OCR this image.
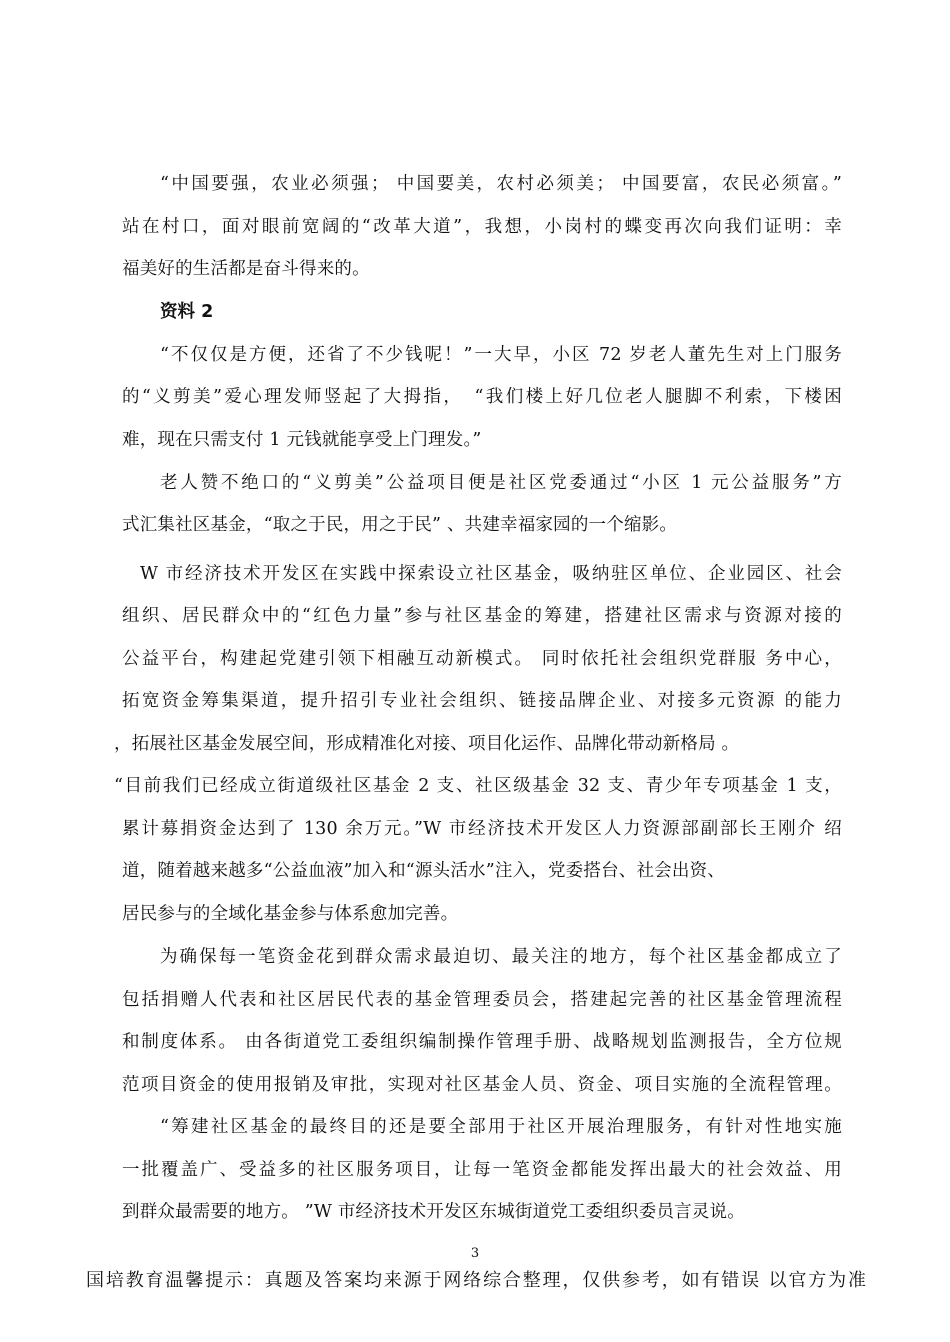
“中国要强，农业必须强； 中国要美，农村必须美； 中国要富，农民必须富。”
站在村口，面对眼前宽阔的“改革大道”，我想，小岗村的蝶变再次向我们证明：幸
福美好的生活都是奋斗得来的。
资料 2
“不仅仅是方便，还省了不少钱呢！”一大早，小区 72 岁老人董先生对上门服务
的“义剪美”爱心理发师竖起了大拇指，　“我们楼上好几位老人腿脚不利索，下楼困
难，现在只需支付 1 元钱就能享受上门理发。”
老人赞不绝口的“义剪美”公益项目便是社区党委通过“小区 1 元公益服务”方
式汇集社区基金，“取之于民，用之于民” 、共建幸福家园的一个缩影。
W 市经济技术开发区在实践中探索设立社区基金，吸纳驻区单位、企业园区、社会
组织、居民群众中的“红色力量”参与社区基金的筹建，搭建社区需求与资源对接的
公益平台，构建起党建引领下相融互动新模式。 同时依托社会组织党群服 务中心，
拓宽资金筹集渠道，提升招引专业社会组织、链接品牌企业、对接多元资源 的能力
，拓展社区基金发展空间，形成精准化对接、项目化运作、品牌化带动新格局 。
“目前我们已经成立街道级社区基金 2 支、社区级基金 32 支、青少年专项基金 1 支，
累计募捐资金达到了 130 余万元。”W 市经济技术开发区人力资源部副部长王刚介 绍
道，随着越来越多“公益血液”加入和“源头活水”注入，党委搭台、社会出资、
居民参与的全域化基金参与体系愈加完善。
为确保每一笔资金花到群众需求最迫切、最关注的地方，每个社区基金都成立了
包括捐赠人代表和社区居民代表的基金管理委员会，搭建起完善的社区基金管理流程
和制度体系。 由各街道党工委组织编制操作管理手册、战略规划监测报告，全方位规
范项目资金的使用报销及审批，实现对社区基金人员、资金、项目实施的全流程管理。
“筹建社区基金的最终目的还是要全部用于社区开展治理服务，有针对性地实施
一批覆盖广、受益多的社区服务项目，让每一笔资金都能发挥出最大的社会效益、用
到群众最需要的地方。 ”W 市经济技术开发区东城街道党工委组织委员言灵说。
3
国培教育温馨提示：真题及答案均来源于网络综合整理，仅供参考，如有错误 以官方为准
